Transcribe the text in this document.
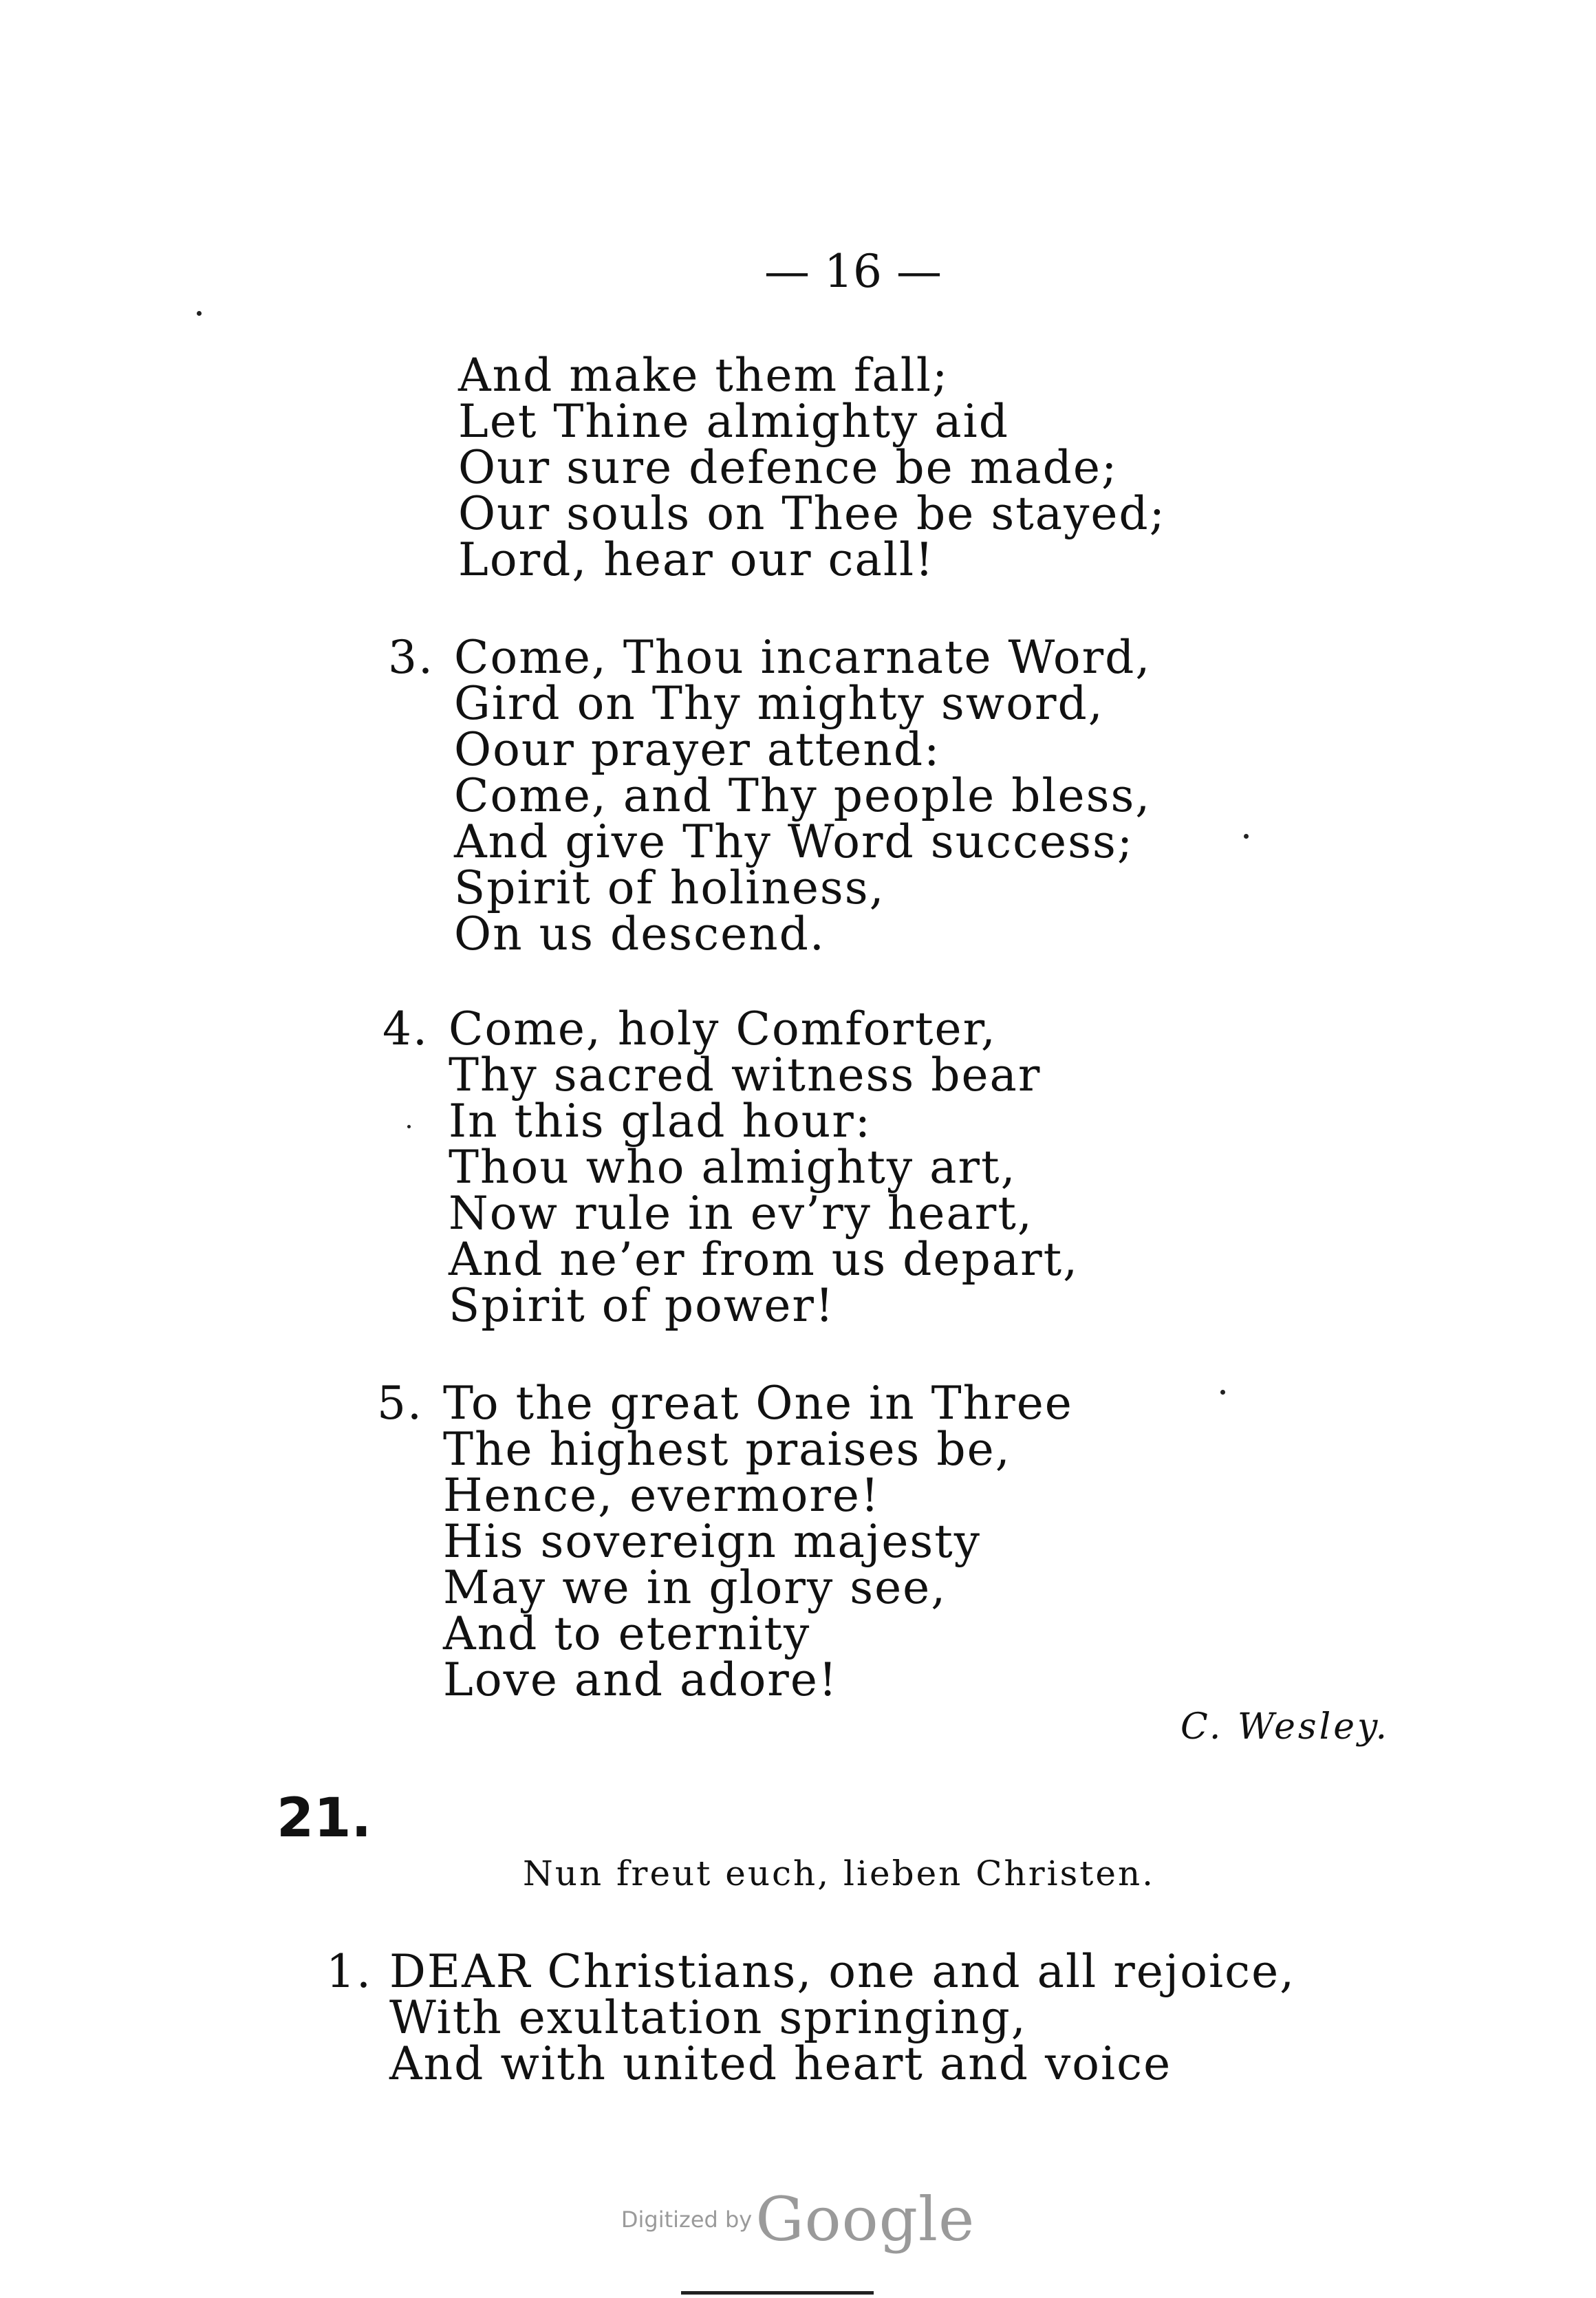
— 16 —
And make them fall;
Let Thine almighty aid
Our sure defence be made;
Our souls on Thee be stayed;
Lord, hear our call!
3. Come, Thou incarnate Word,
Gird on Thy mighty sword,
Oour prayer attend:
Come, and Thy people bless,
And give Thy Word success;
Spirit of holiness,
On us descend.
4. Come, holy Comforter,
Thy sacred witness bear
In this glad hour:
Thou who almighty art,
Now rule in ev’ry heart,
And ne’er from us depart,
Spirit of power!
5. To the great One in Three
The highest praises be,
Hence, evermore!
His sovereign majesty
May we in glory see,
And to eternity
Love and adore!
C. Wesley.
21.
Nun freut euch, lieben Christen.
1. DEAR Christians, one and all rejoice,
With exultation springing,
And with united heart and voice
Digitized by Google
